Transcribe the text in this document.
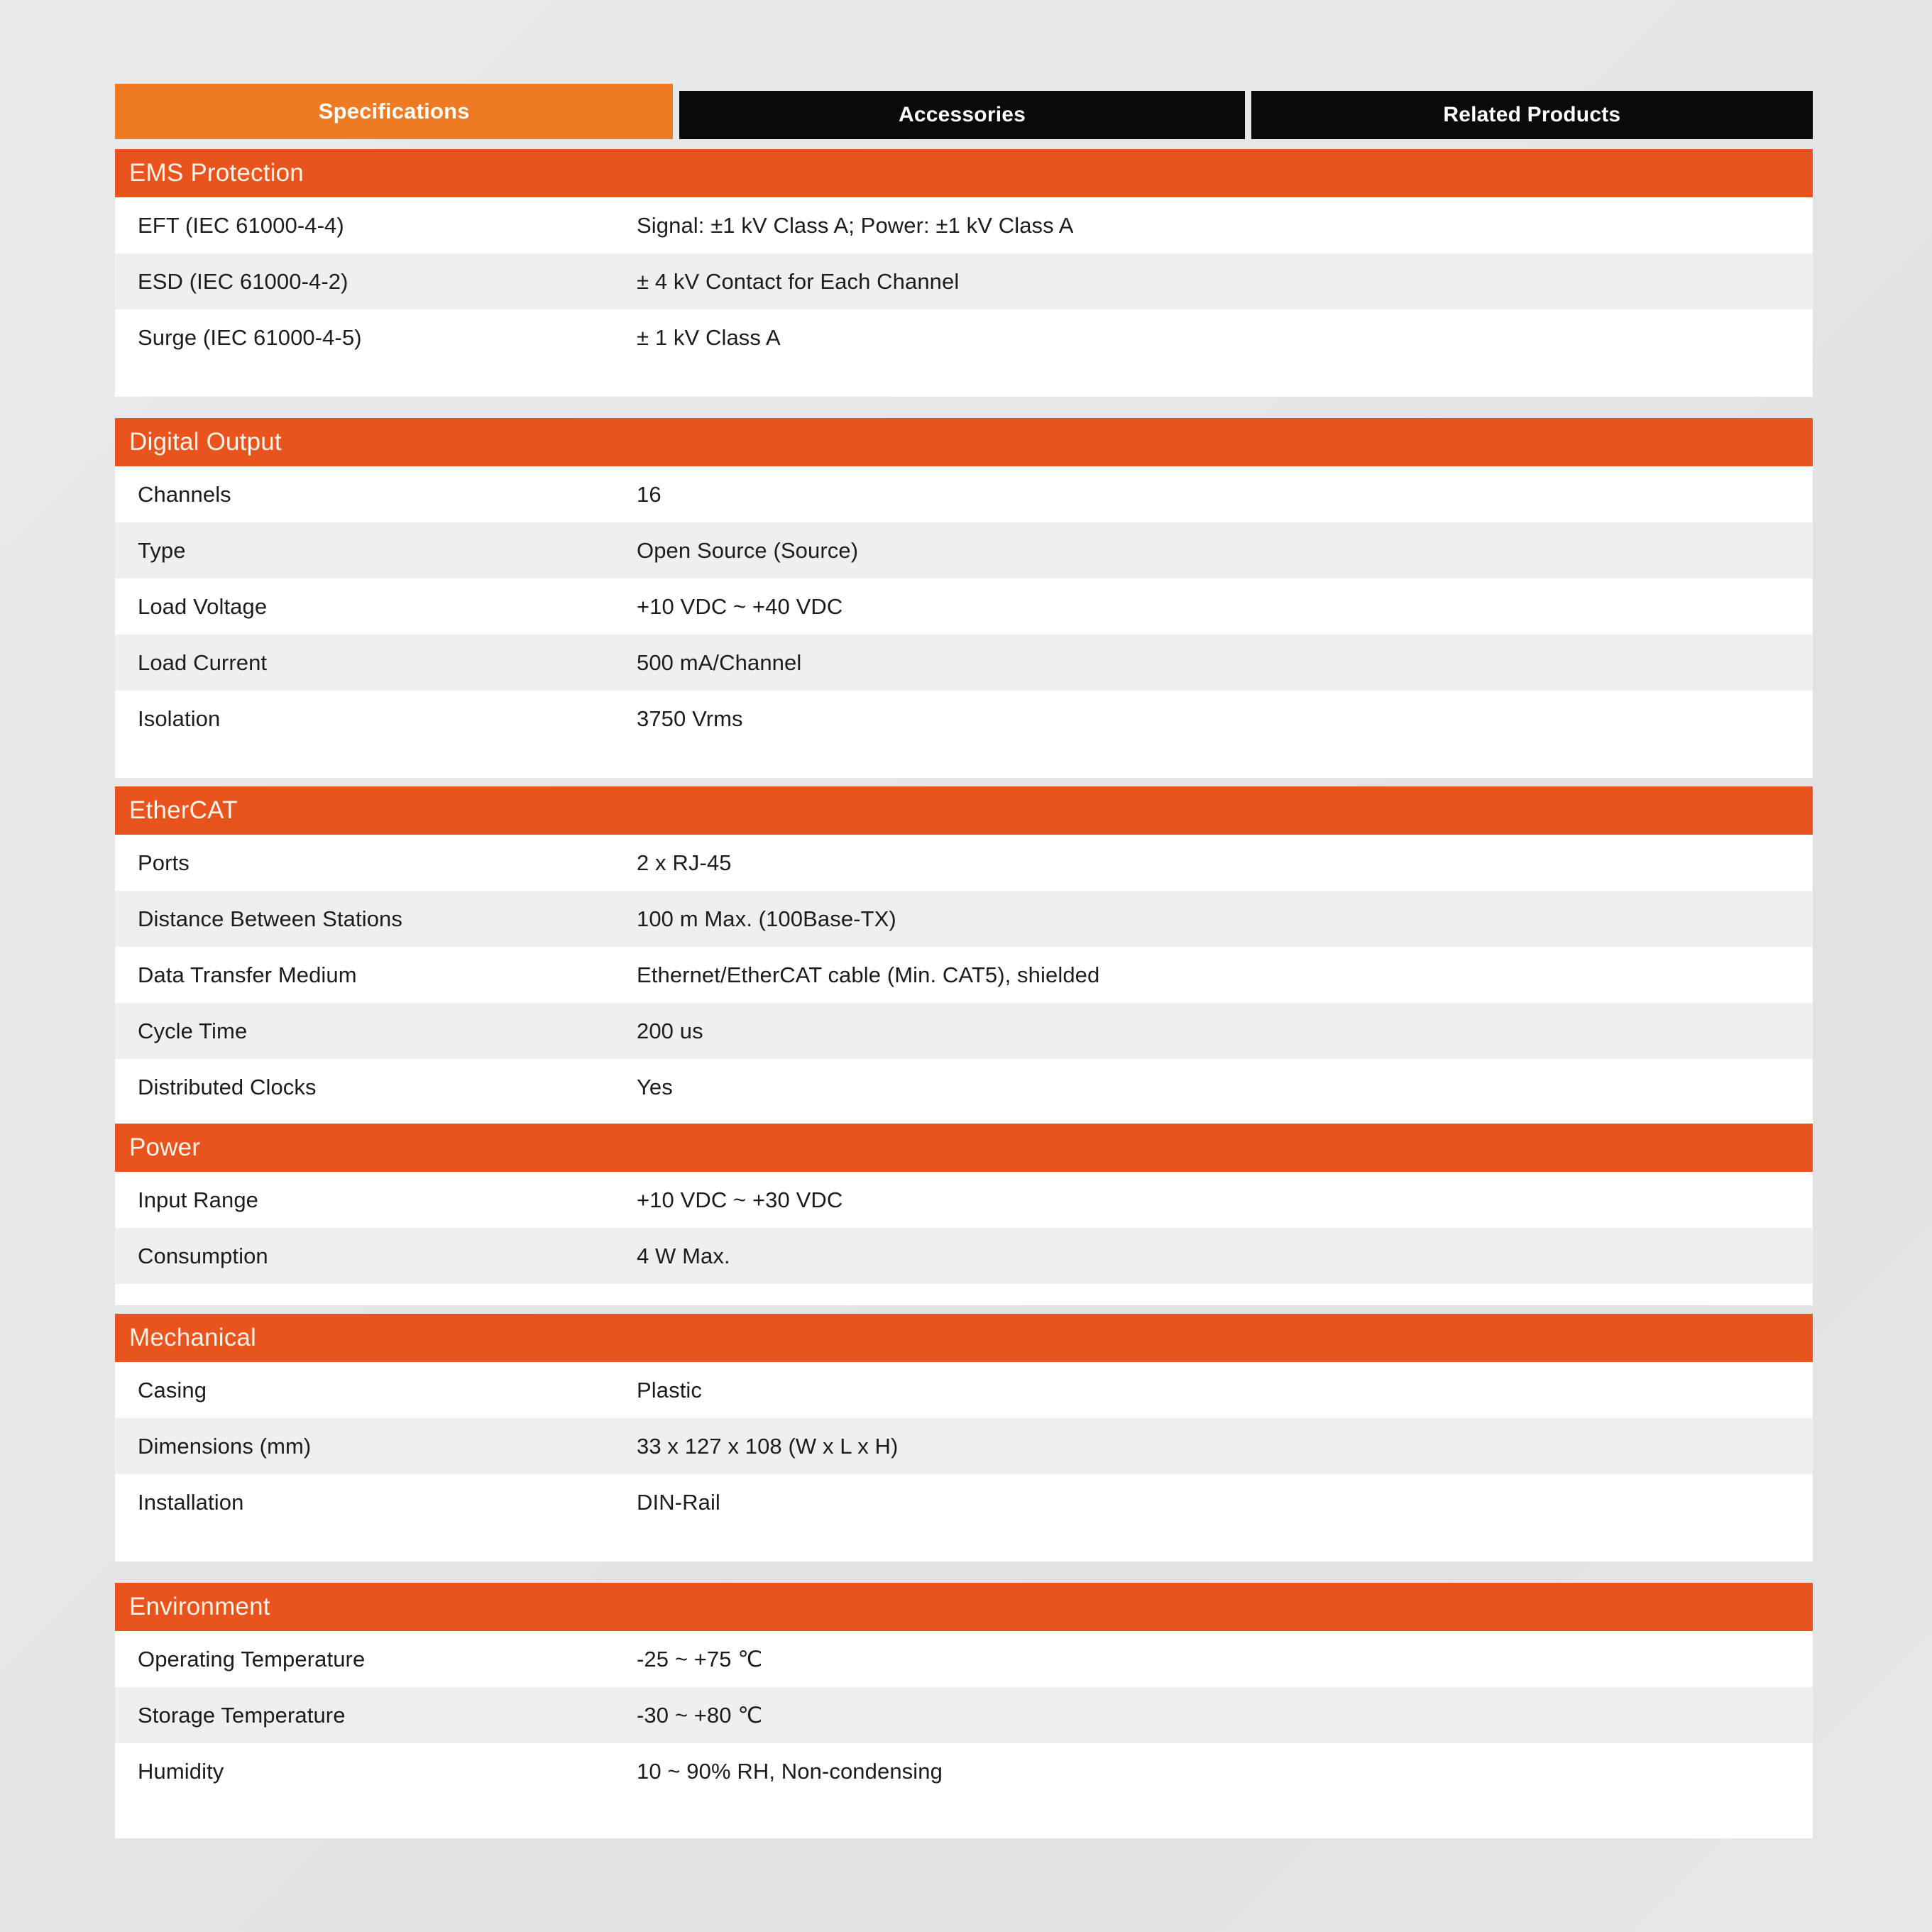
Specifications	Accessories	Related Products
EMS Protection
EFT (IEC 61000-4-4)	Signal: ±1 kV Class A; Power: ±1 kV Class A
ESD (IEC 61000-4-2)	± 4 kV Contact for Each Channel
Surge (IEC 61000-4-5)	± 1 kV Class A
Digital Output
Channels	16
Type	Open Source (Source)
Load Voltage	+10 VDC ~ +40 VDC
Load Current	500 mA/Channel
Isolation	3750 Vrms
EtherCAT
Ports	2 x RJ-45
Distance Between Stations	100 m Max. (100Base-TX)
Data Transfer Medium	Ethernet/EtherCAT cable (Min. CAT5), shielded
Cycle Time	200 us
Distributed Clocks	Yes
Power
Input Range	+10 VDC ~ +30 VDC
Consumption	4 W Max.
Mechanical
Casing	Plastic
Dimensions (mm)	33 x 127 x 108 (W x L x H)
Installation	DIN-Rail
Environment
Operating Temperature	-25 ~ +75 ℃
Storage Temperature	-30 ~ +80 ℃
Humidity	10 ~ 90% RH, Non-condensing
